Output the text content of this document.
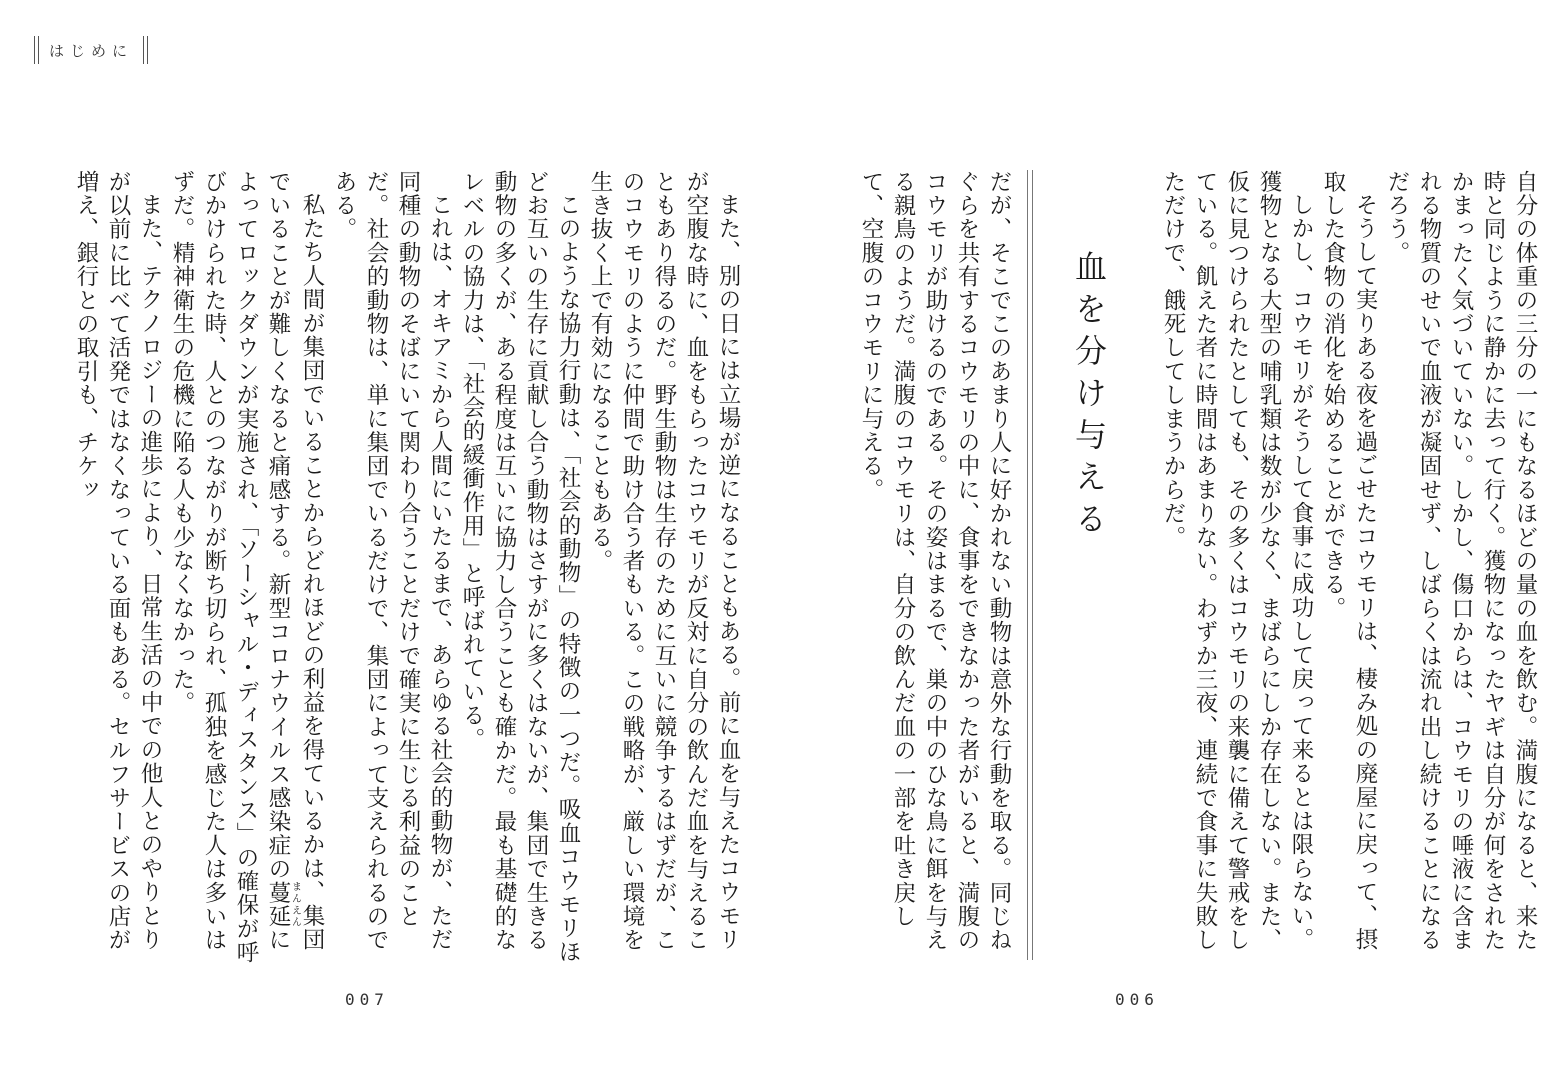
はじめに

自分の体重の三分の一にもなるほどの量の血を飲む。満腹になると、来た時と同じように静かに去って行く。獲物になったヤギは自分が何をされたかまったく気づいていない。しかし、傷口からは、コウモリの唾液に含まれる物質のせいで血液が凝固せず、しばらくは流れ出し続けることになるだろう。

そうして実りある夜を過ごせたコウモリは、棲み処の廃屋に戻って、摂取した食物の消化を始めることができる。

しかし、コウモリがそうして食事に成功して戻って来るとは限らない。獲物となる大型の哺乳類は数が少なく、まばらにしか存在しない。また、仮に見つけられたとしても、その多くはコウモリの来襲に備えて警戒をしている。飢えた者に時間はあまりない。わずか三夜、連続で食事に失敗しただけで、餓死してしまうからだ。

血を分け与える

だが、そこでこのあまり人に好かれない動物は意外な行動を取る。同じねぐらを共有するコウモリの中に、食事をできなかった者がいると、満腹のコウモリが助けるのである。その姿はまるで、巣の中のひな鳥に餌を与える親鳥のようだ。満腹のコウモリは、自分の飲んだ血の一部を吐き戻して、空腹のコウモリに与える。

また、別の日には立場が逆になることもある。前に血を与えたコウモリが空腹な時に、血をもらったコウモリが反対に自分の飲んだ血を与えることもあり得るのだ。野生動物は生存のために互いに競争するはずだが、このコウモリのように仲間で助け合う者もいる。この戦略が、厳しい環境を生き抜く上で有効になることもある。

このような協力行動は、「社会的動物」の特徴の一つだ。吸血コウモリほどお互いの生存に貢献し合う動物はさすがに多くはないが、集団で生きる動物の多くが、ある程度は互いに協力し合うことも確かだ。最も基礎的なレベルの協力は、「社会的緩衝作用」と呼ばれている。

これは、オキアミから人間にいたるまで、あらゆる社会的動物が、ただ同種の動物のそばにいて関わり合うことだけで確実に生じる利益のことだ。社会的動物は、単に集団でいるだけで、集団によって支えられるのである。

私たち人間が集団でいることからどれほどの利益を得ているかは、集団でいることが難しくなると痛感する。新型コロナウイルス感染症の蔓延まんえんによってロックダウンが実施され、「ソーシャル・ディスタンス」の確保が呼びかけられた時、人とのつながりが断ち切られ、孤独を感じた人は多いはずだ。精神衛生の危機に陥る人も少なくなかった。

また、テクノロジーの進歩により、日常生活の中での他人とのやりとりが以前に比べて活発ではなくなっている面もある。セルフサービスの店が増え、銀行との取引も、チケッ

007	006
